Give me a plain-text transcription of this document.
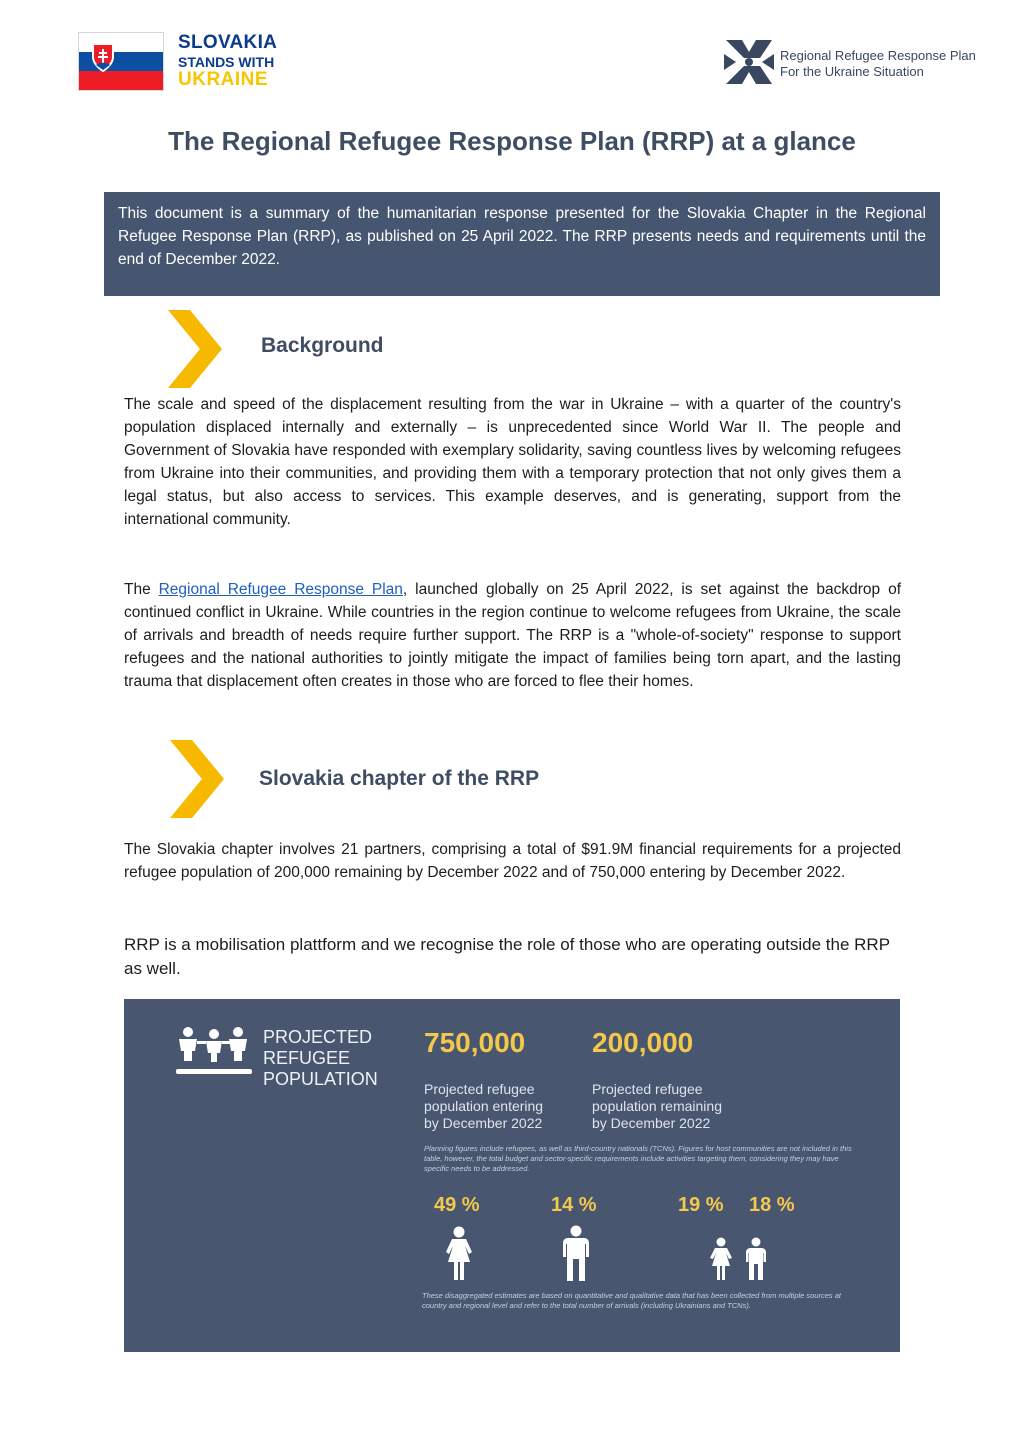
SLOVAKIA
STANDS WITH
UKRAINE
Regional Refugee Response Plan
For the Ukraine Situation
The Regional Refugee Response Plan (RRP) at a glance
This document is a summary of the humanitarian response presented for the Slovakia Chapter in the Regional Refugee Response Plan (RRP), as published on 25 April 2022. The RRP presents needs and requirements until the end of December 2022.
Background
The scale and speed of the displacement resulting from the war in Ukraine – with a quarter of the country's population displaced internally and externally – is unprecedented since World War II. The people and Government of Slovakia have responded with exemplary solidarity, saving countless lives by welcoming refugees from Ukraine into their communities, and providing them with a temporary protection that not only gives them a legal status, but also access to services. This example deserves, and is generating, support from the international community.
The Regional Refugee Response Plan, launched globally on 25 April 2022, is set against the backdrop of continued conflict in Ukraine. While countries in the region continue to welcome refugees from Ukraine, the scale of arrivals and breadth of needs require further support. The RRP is a "whole-of-society" response to support refugees and the national authorities to jointly mitigate the impact of families being torn apart, and the lasting trauma that displacement often creates in those who are forced to flee their homes.
Slovakia chapter of the RRP
The Slovakia chapter involves 21 partners, comprising a total of $91.9M financial requirements for a projected refugee population of 200,000 remaining by December 2022 and of 750,000 entering by December 2022.
RRP is a mobilisation plattform and we recognise the role of those who are operating outside the RRP as well.
PROJECTED
REFUGEE
POPULATION
750,000
Projected refugee
population entering
by December 2022
200,000
Projected refugee
population remaining
by December 2022
Planning figures include refugees, as well as third-country nationals (TCNs). Figures for host communities are not included in this table, however, the total budget and sector-specific requirements include activities targeting them, considering they may have specific needs to be addressed.
49 %	14 %	19 % 18 %
These disaggregated estimates are based on quantitative and qualitative data that has been collected from multiple sources at country and regional level and refer to the total number of arrivals (including Ukrainians and TCNs).
